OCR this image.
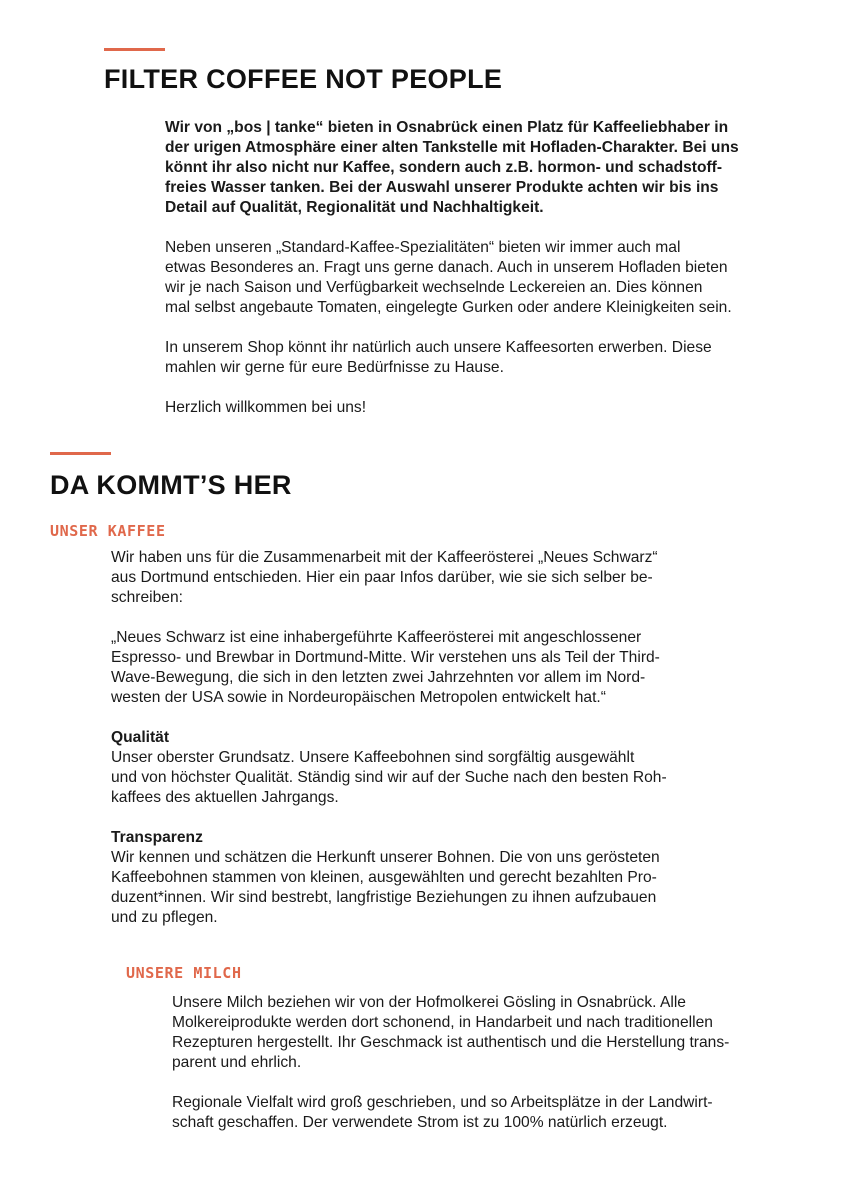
FILTER COFFEE NOT PEOPLE

Wir von „bos | tanke“ bieten in Osnabrück einen Platz für Kaffeeliebhaber in
der urigen Atmosphäre einer alten Tankstelle mit Hofladen-Charakter. Bei uns
könnt ihr also nicht nur Kaffee, sondern auch z.B. hormon- und schadstoff-
freies Wasser tanken. Bei der Auswahl unserer Produkte achten wir bis ins
Detail auf Qualität, Regionalität und Nachhaltigkeit.

Neben unseren „Standard-Kaffee-Spezialitäten“ bieten wir immer auch mal
etwas Besonderes an. Fragt uns gerne danach. Auch in unserem Hofladen bieten
wir je nach Saison und Verfügbarkeit wechselnde Leckereien an. Dies können
mal selbst angebaute Tomaten, eingelegte Gurken oder andere Kleinigkeiten sein.

In unserem Shop könnt ihr natürlich auch unsere Kaffeesorten erwerben. Diese
mahlen wir gerne für eure Bedürfnisse zu Hause.

Herzlich willkommen bei uns!

DA KOMMT’S HER
UNSER KAFFEE

Wir haben uns für die Zusammenarbeit mit der Kaffeerösterei „Neues Schwarz“
aus Dortmund entschieden. Hier ein paar Infos darüber, wie sie sich selber be-
schreiben:

„Neues Schwarz ist eine inhabergeführte Kaffeerösterei mit angeschlossener
Espresso- und Brewbar in Dortmund-Mitte. Wir verstehen uns als Teil der Third-
Wave-Bewegung, die sich in den letzten zwei Jahrzehnten vor allem im Nord-
westen der USA sowie in Nordeuropäischen Metropolen entwickelt hat.“

Qualität
Unser oberster Grundsatz. Unsere Kaffeebohnen sind sorgfältig ausgewählt
und von höchster Qualität. Ständig sind wir auf der Suche nach den besten Roh-
kaffees des aktuellen Jahrgangs.

Transparenz
Wir kennen und schätzen die Herkunft unserer Bohnen. Die von uns gerösteten
Kaffeebohnen stammen von kleinen, ausgewählten und gerecht bezahlten Pro-
duzent*innen. Wir sind bestrebt, langfristige Beziehungen zu ihnen aufzubauen
und zu pflegen.

UNSERE MILCH

Unsere Milch beziehen wir von der Hofmolkerei Gösling in Osnabrück. Alle
Molkereiprodukte werden dort schonend, in Handarbeit und nach traditionellen
Rezepturen hergestellt. Ihr Geschmack ist authentisch und die Herstellung trans-
parent und ehrlich.

Regionale Vielfalt wird groß geschrieben, und so Arbeitsplätze in der Landwirt-
schaft geschaffen. Der verwendete Strom ist zu 100% natürlich erzeugt.
